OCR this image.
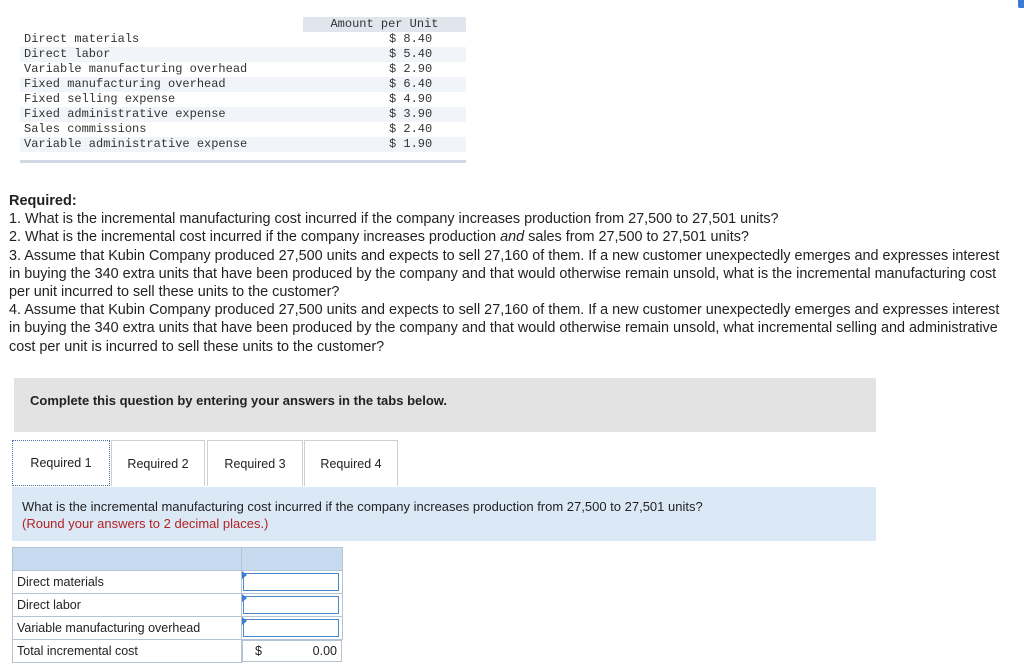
	Amount per Unit
Direct materials	$ 8.40
Direct labor	$ 5.40
Variable manufacturing overhead	$ 2.90
Fixed manufacturing overhead	$ 6.40
Fixed selling expense	$ 4.90
Fixed administrative expense	$ 3.90
Sales commissions	$ 2.40
Variable administrative expense	$ 1.90

Required:

1. What is the incremental manufacturing cost incurred if the company increases production from 27,500 to 27,501 units?

2. What is the incremental cost incurred if the company increases production and sales from 27,500 to 27,501 units?

3. Assume that Kubin Company produced 27,500 units and expects to sell 27,160 of them. If a new customer unexpectedly emerges and expresses interest in buying the 340 extra units that have been produced by the company and that would otherwise remain unsold, what is the incremental manufacturing cost per unit incurred to sell these units to the customer?

4. Assume that Kubin Company produced 27,500 units and expects to sell 27,160 of them. If a new customer unexpectedly emerges and expresses interest in buying the 340 extra units that have been produced by the company and that would otherwise remain unsold, what incremental selling and administrative cost per unit is incurred to sell these units to the customer?

Complete this question by entering your answers in the tabs below.
Required 1	Required 2	Required 3	Required 4
What is the incremental manufacturing cost incurred if the company increases production from 27,500 to 27,501 units?
(Round your answers to 2 decimal places.)

Direct materials	

Direct labor	

Variable manufacturing overhead	

Total incremental cost		$	0.00
